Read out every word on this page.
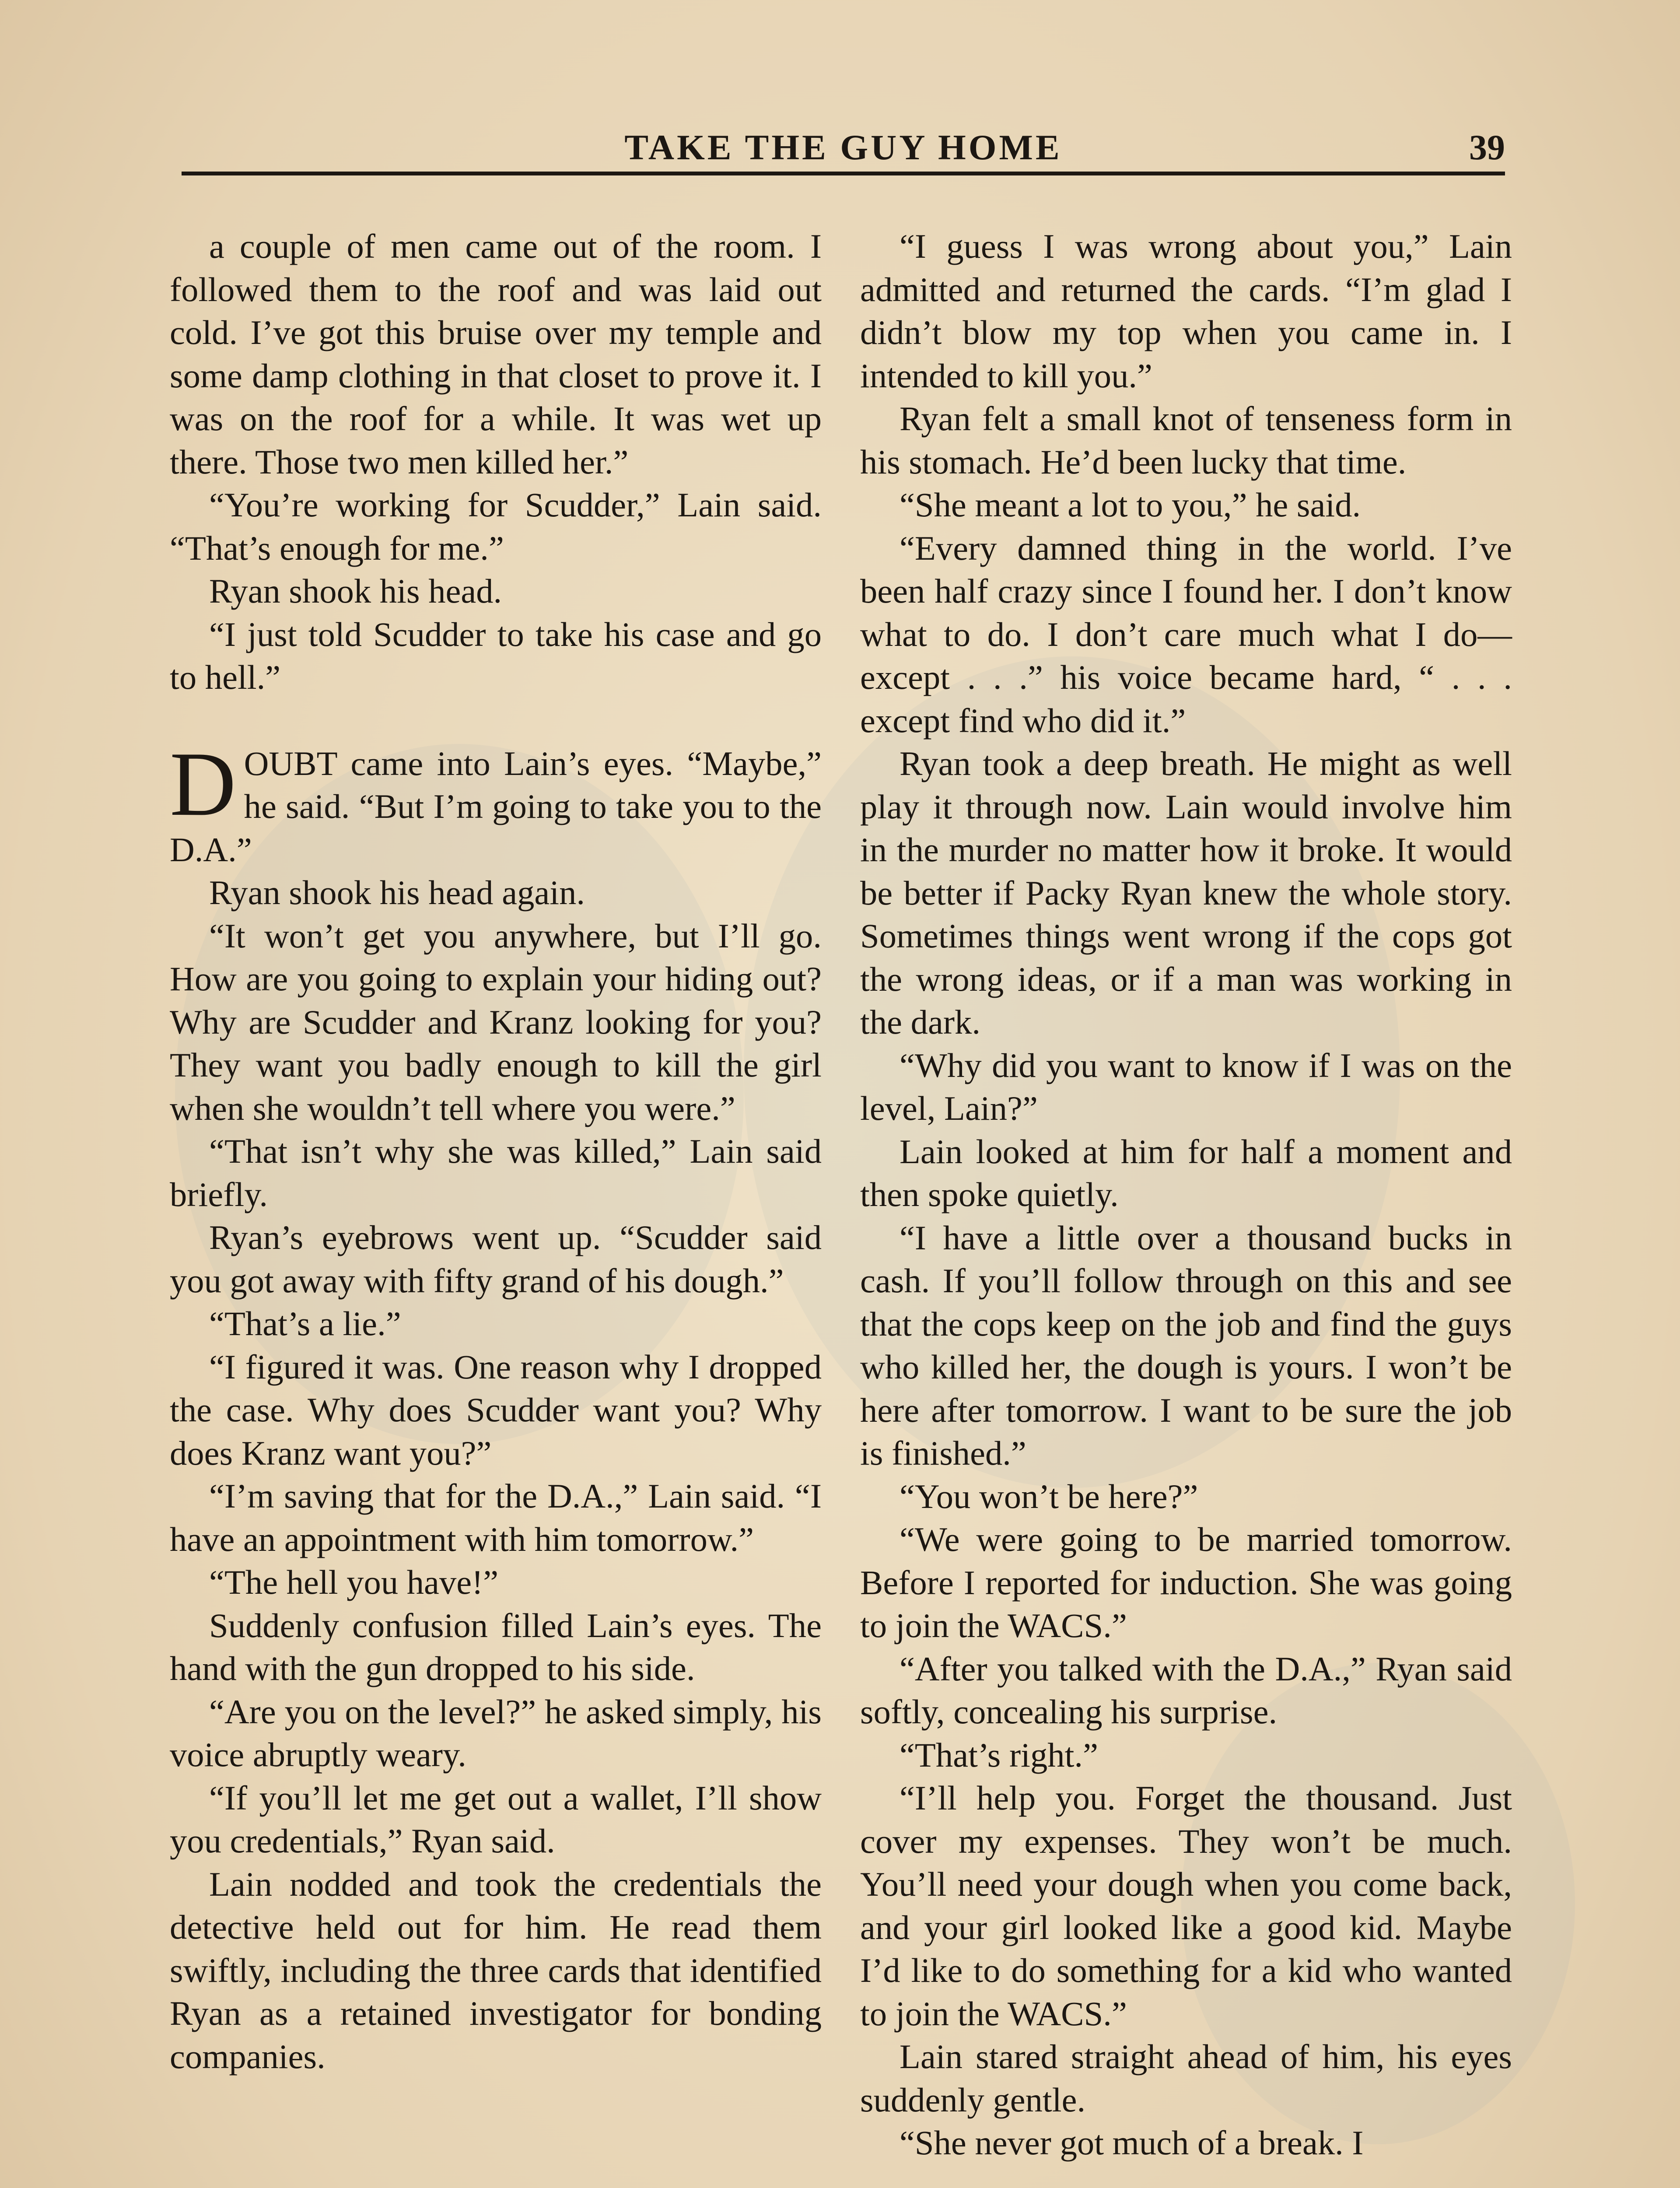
TAKE THE GUY HOME	39

a couple of men came out of the room. I followed them to the roof and was laid out cold. I’ve got this bruise over my temple and some damp clothing in that closet to prove it. I was on the roof for a while. It was wet up there. Those two men killed her.”

“You’re working for Scudder,” Lain said. “That’s enough for me.”

Ryan shook his head.

“I just told Scudder to take his case and go to hell.”

DOUBT came into Lain’s eyes. “Maybe,” he said. “But I’m going to take you to the D.A.”

Ryan shook his head again.

“It won’t get you anywhere, but I’ll go. How are you going to explain your hiding out? Why are Scudder and Kranz looking for you? They want you badly enough to kill the girl when she wouldn’t tell where you were.”

“That isn’t why she was killed,” Lain said briefly.

Ryan’s eyebrows went up. “Scudder said you got away with fifty grand of his dough.”

“That’s a lie.”

“I figured it was. One reason why I dropped the case. Why does Scudder want you? Why does Kranz want you?”

“I’m saving that for the D.A.,” Lain said. “I have an appointment with him tomorrow.”

“The hell you have!”

Suddenly confusion filled Lain’s eyes. The hand with the gun dropped to his side.

“Are you on the level?” he asked simply, his voice abruptly weary.

“If you’ll let me get out a wallet, I’ll show you credentials,” Ryan said.

Lain nodded and took the credentials the detective held out for him. He read them swiftly, including the three cards that identified Ryan as a retained investigator for bonding companies.

“I guess I was wrong about you,” Lain admitted and returned the cards. “I’m glad I didn’t blow my top when you came in. I intended to kill you.”

Ryan felt a small knot of tenseness form in his stomach. He’d been lucky that time.

“She meant a lot to you,” he said.

“Every damned thing in the world. I’ve been half crazy since I found her. I don’t know what to do. I don’t care much what I do—except . . .” his voice became hard, “ . . . except find who did it.”

Ryan took a deep breath. He might as well play it through now. Lain would involve him in the murder no matter how it broke. It would be better if Packy Ryan knew the whole story. Sometimes things went wrong if the cops got the wrong ideas, or if a man was working in the dark.

“Why did you want to know if I was on the level, Lain?”

Lain looked at him for half a moment and then spoke quietly.

“I have a little over a thousand bucks in cash. If you’ll follow through on this and see that the cops keep on the job and find the guys who killed her, the dough is yours. I won’t be here after tomorrow. I want to be sure the job is finished.”

“You won’t be here?”

“We were going to be married tomorrow. Before I reported for induction. She was going to join the WACS.”

“After you talked with the D.A.,” Ryan said softly, concealing his surprise.

“That’s right.”

“I’ll help you. Forget the thousand. Just cover my expenses. They won’t be much. You’ll need your dough when you come back, and your girl looked like a good kid. Maybe I’d like to do something for a kid who wanted to join the WACS.”

Lain stared straight ahead of him, his eyes suddenly gentle.

“She never got much of a break. I
